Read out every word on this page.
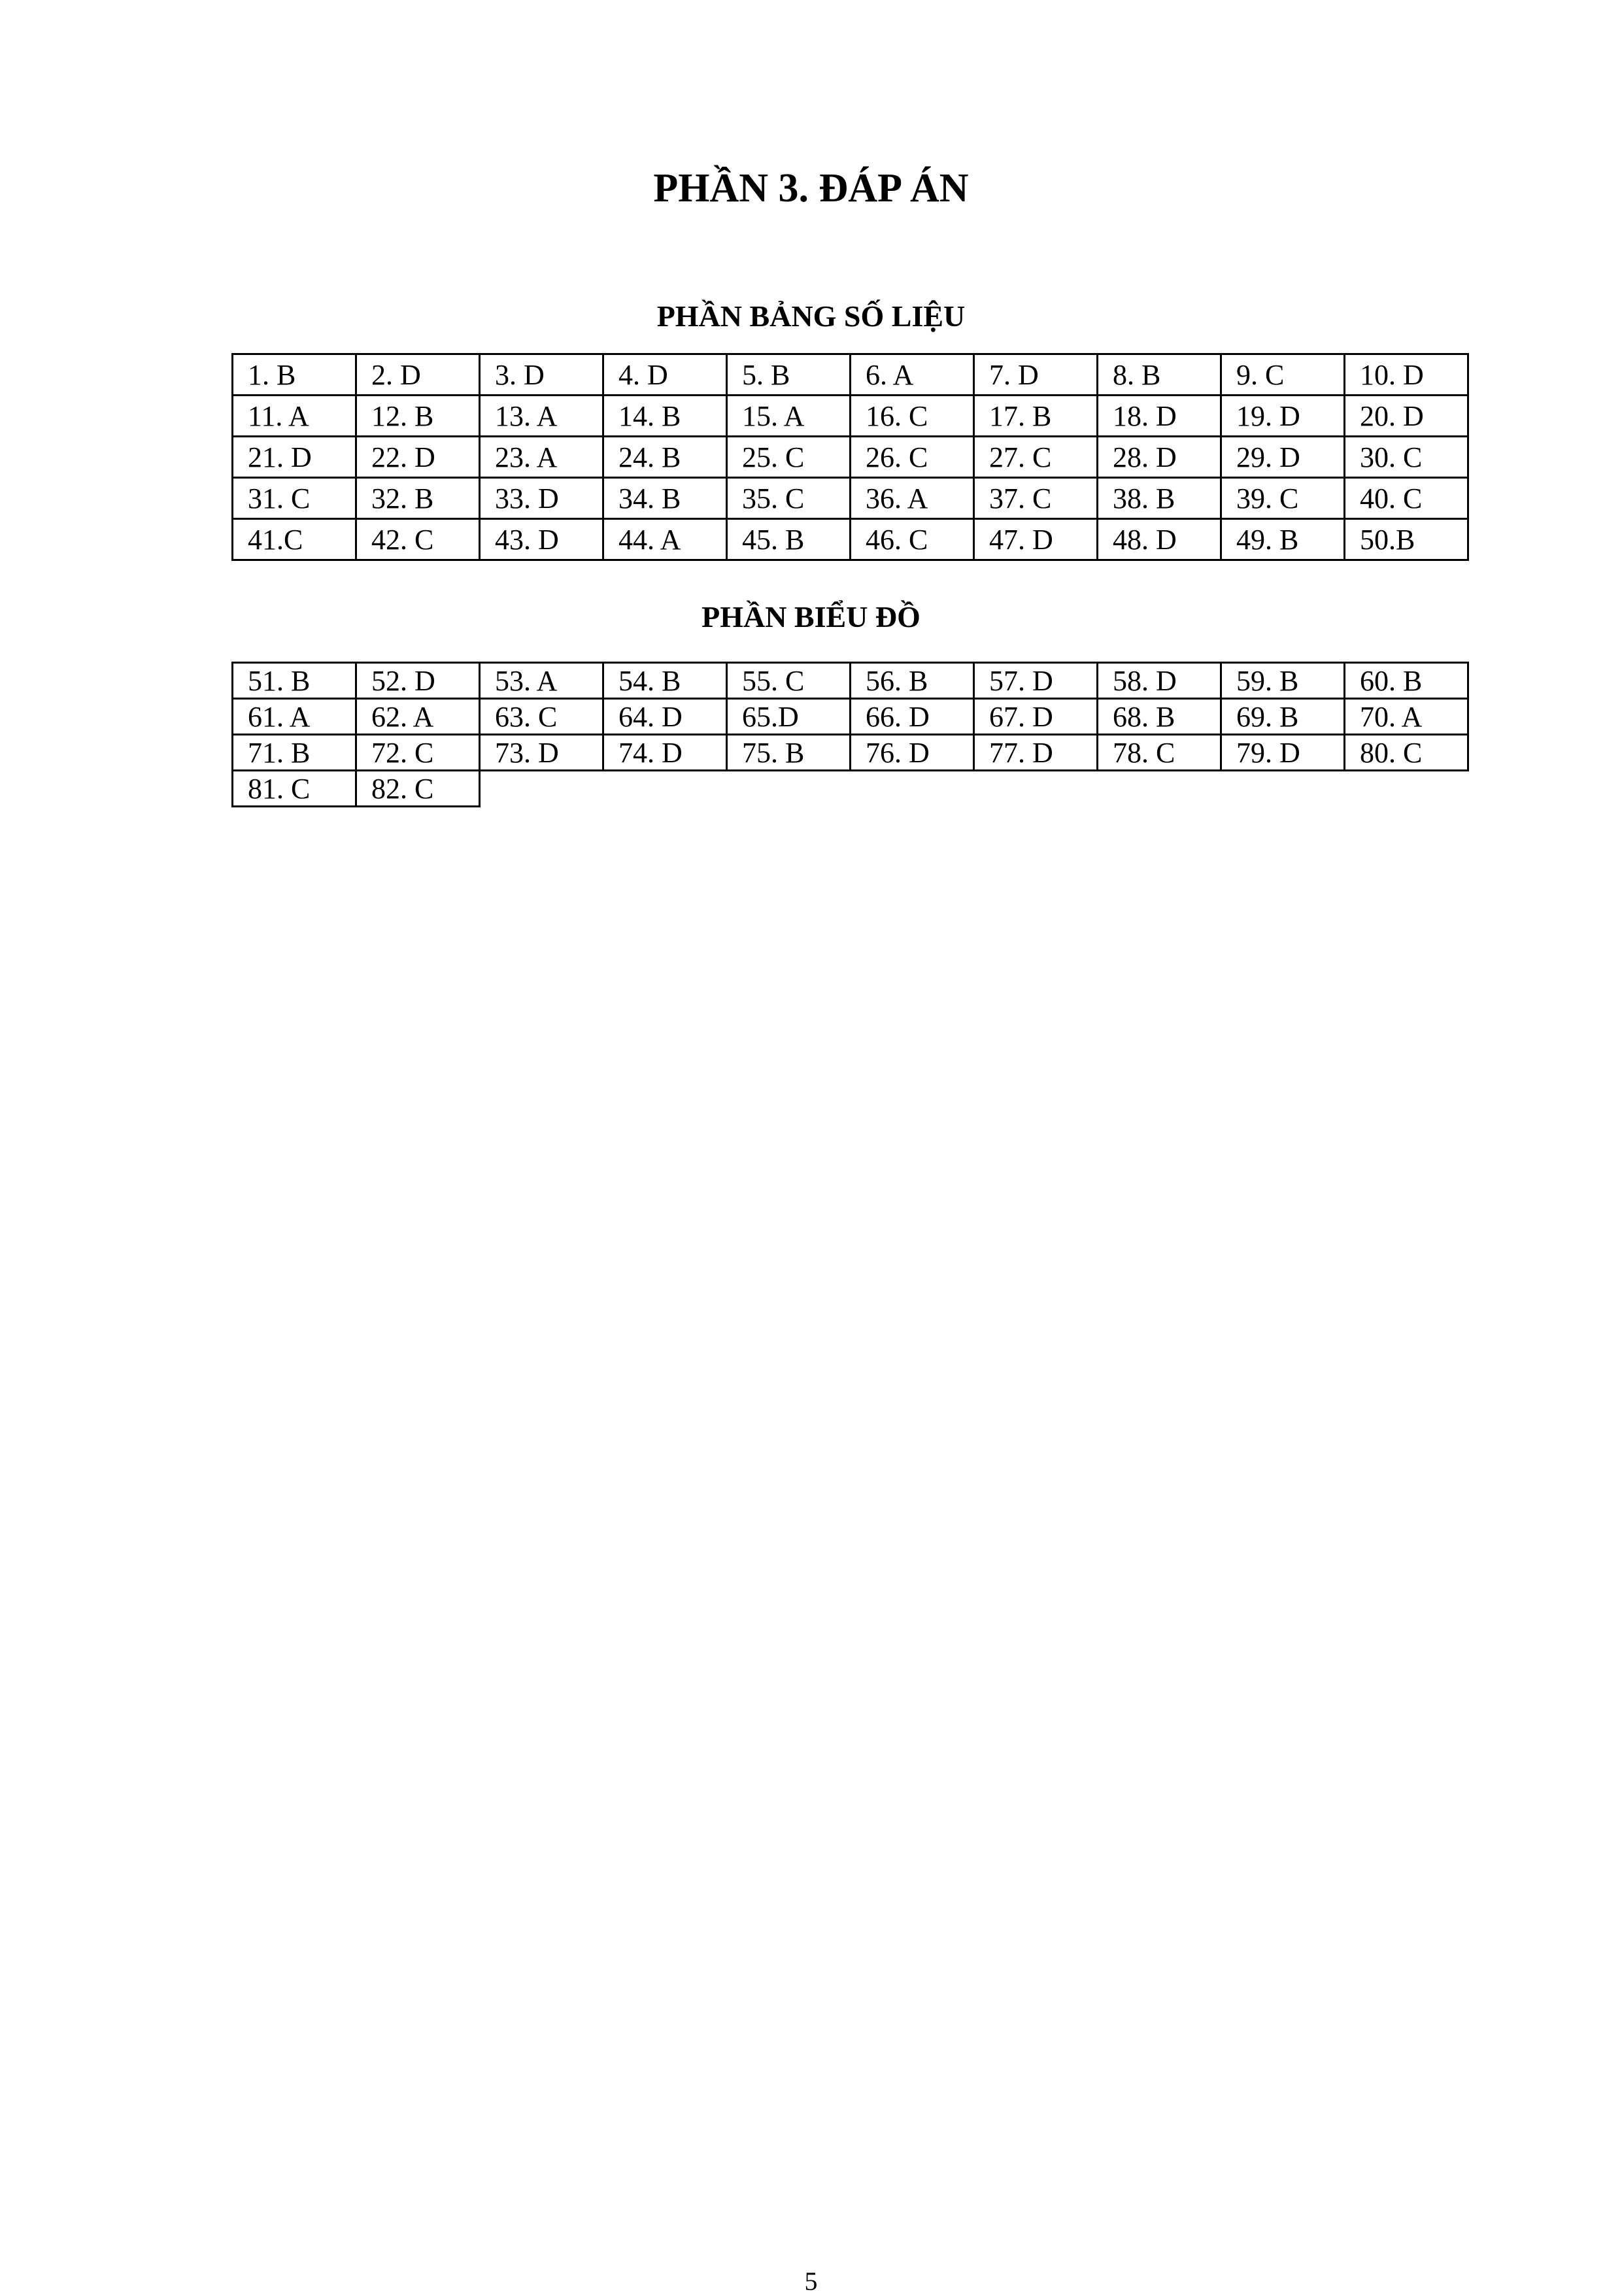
PHẦN 3. ĐÁP ÁN
PHẦN BẢNG SỐ LIỆU
1. B	2. D	3. D	4. D	5. B	6. A	7. D	8. B	9. C	10. D
11. A	12. B	13. A	14. B	15. A	16. C	17. B	18. D	19. D	20. D
21. D	22. D	23. A	24. B	25. C	26. C	27. C	28. D	29. D	30. C
31. C	32. B	33. D	34. B	35. C	36. A	37. C	38. B	39. C	40. C
41.C	42. C	43. D	44. A	45. B	46. C	47. D	48. D	49. B	50.B
PHẦN BIỂU ĐỒ
51. B	52. D	53. A	54. B	55. C	56. B	57. D	58. D	59. B	60. B
61. A	62. A	63. C	64. D	65.D	66. D	67. D	68. B	69. B	70. A
71. B	72. C	73. D	74. D	75. B	76. D	77. D	78. C	79. D	80. C
81. C	82. C								
5
